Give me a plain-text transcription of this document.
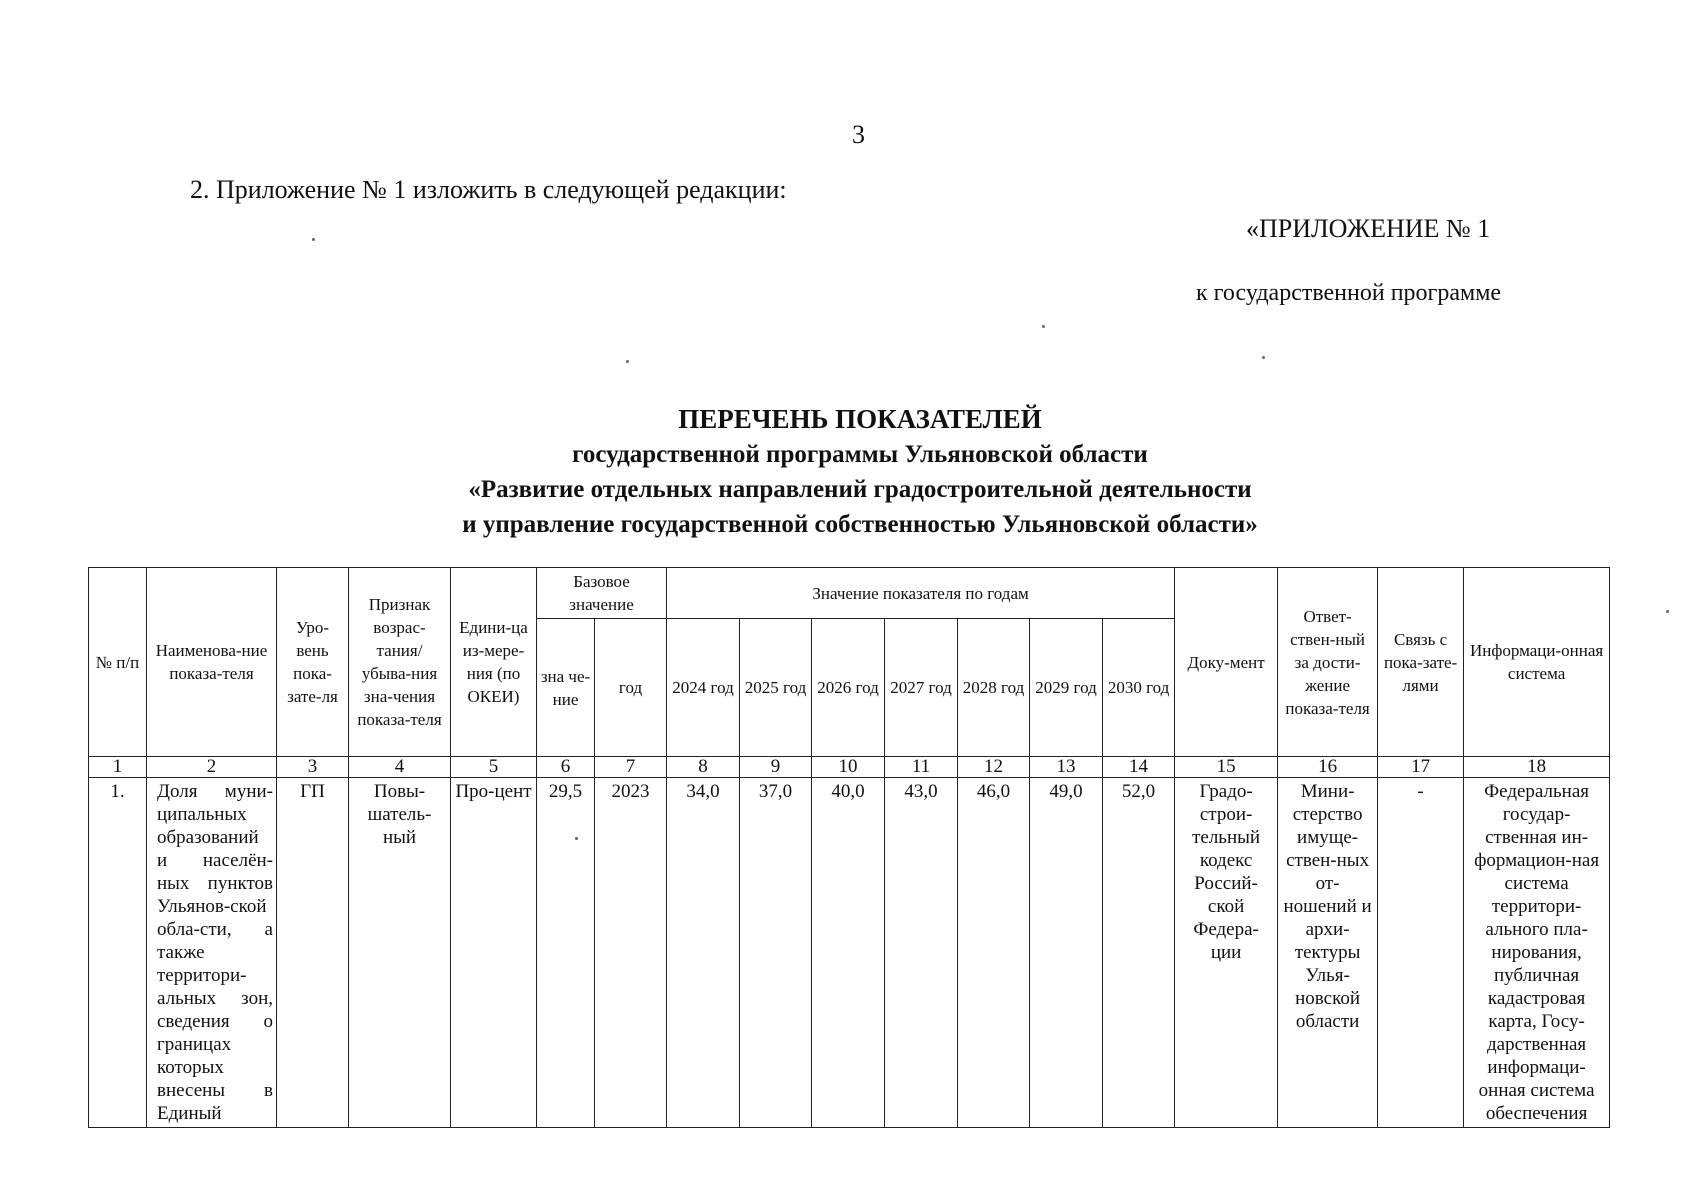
3
2. Приложение № 1 изложить в следующей редакции:
«ПРИЛОЖЕНИЕ № 1
к государственной программе
ПЕРЕЧЕНЬ ПОКАЗАТЕЛЕЙ
государственной программы Ульяновской области
«Развитие отдельных направлений градостроительной деятельности
и управление государственной собственностью Ульяновской области»
№ п/п	Наименова-ние показа-теля	Уро-вень пока-зате-ля	Признак возрас-тания/ убыва-ния зна-чения показа-теля	Едини-ца из-мере-ния (по ОКЕИ)	Базовое значение		Значение показателя по годам							Доку-мент	Ответ-ствен-ный за дости-жение показа-теля	Связь с пока-зате-лями	Информаци-онная система
					зна че-ние	год	2024 год	2025 год	2026 год	2027 год	2028 год	2029 год	2030 год				
1	2	3	4	5	6	7	8	9	10	11	12	13	14	15	16	17	18
1.	Доля муни-ципальных образований и населён-ных пунктов Ульянов-ской обла-сти, а также территори-альных зон, сведения о границах которых внесены в Единый	ГП	Повы-шатель-ный	Про-цент	29,5	2023	34,0	37,0	40,0	43,0	46,0	49,0	52,0	Градо-строи-тельный кодекс Россий-ской Федера-ции	Мини-стерство имуще-ствен-ных от-ношений и архи-тектуры Улья-новской области	-	Федеральная государ-ственная ин-формацион-ная система территори-ального пла-нирования, публичная кадастровая карта, Госу-дарственная информаци-онная система обеспечения
